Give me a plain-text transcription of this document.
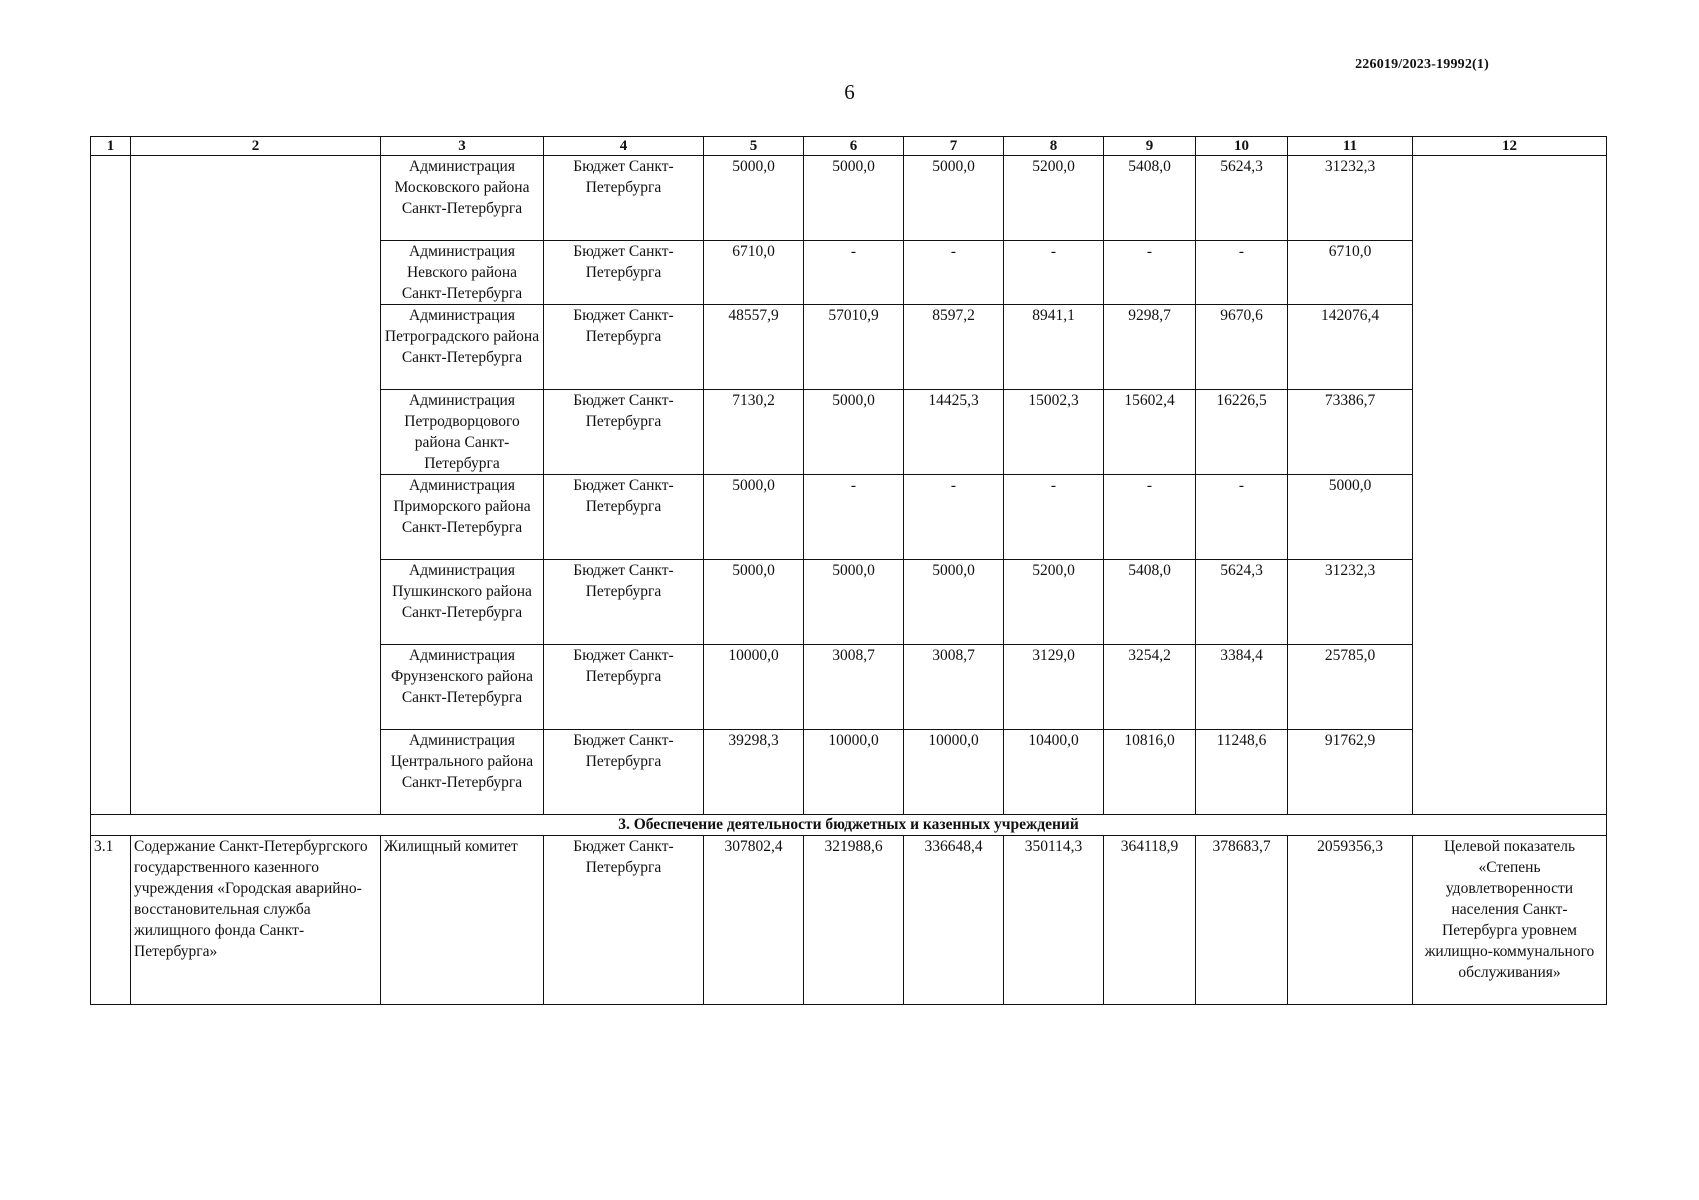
226019/2023-19992(1)
6
1	2	3	4	5	6	7	8	9	10	11	12
		Администрация Московского района Санкт-Петербурга	Бюджет Санкт-Петербурга	5000,0	5000,0	5000,0	5200,0	5408,0	5624,3	31232,3	
		Администрация Невского района Санкт-Петербурга	Бюджет Санкт-Петербурга	6710,0	-	-	-	-	-	6710,0	
		Администрация Петроградского района Санкт-Петербурга	Бюджет Санкт-Петербурга	48557,9	57010,9	8597,2	8941,1	9298,7	9670,6	142076,4	
		Администрация Петродворцового района Санкт-Петербурга	Бюджет Санкт-Петербурга	7130,2	5000,0	14425,3	15002,3	15602,4	16226,5	73386,7	
		Администрация Приморского района Санкт-Петербурга	Бюджет Санкт-Петербурга	5000,0	-	-	-	-	-	5000,0	
		Администрация Пушкинского района Санкт-Петербурга	Бюджет Санкт-Петербурга	5000,0	5000,0	5000,0	5200,0	5408,0	5624,3	31232,3	
		Администрация Фрунзенского района Санкт-Петербурга	Бюджет Санкт-Петербурга	10000,0	3008,7	3008,7	3129,0	3254,2	3384,4	25785,0	
		Администрация Центрального района Санкт-Петербурга	Бюджет Санкт-Петербурга	39298,3	10000,0	10000,0	10400,0	10816,0	11248,6	91762,9	
3. Обеспечение деятельности бюджетных и казенных учреждений											
3.1	Содержание Санкт-Петербургского государственного казенного учреждения «Городская аварийно-восстановительная служба жилищного фонда Санкт-Петербурга»	Жилищный комитет	Бюджет Санкт-Петербурга	307802,4	321988,6	336648,4	350114,3	364118,9	378683,7	2059356,3	Целевой показатель «Степень удовлетворенности населения Санкт-Петербурга уровнем жилищно-коммунального обслуживания»
